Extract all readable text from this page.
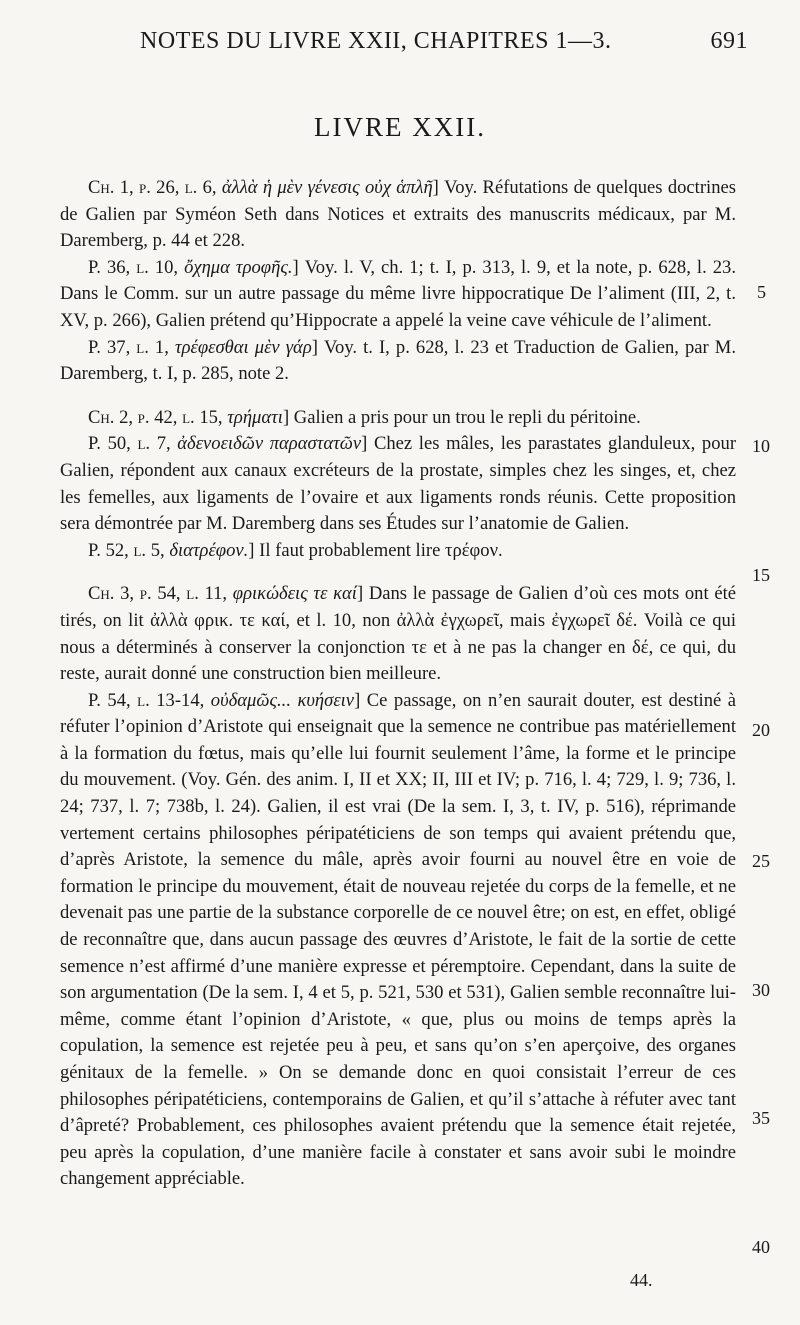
NOTES DU LIVRE XXII, CHAPITRES 1—3.	691
LIVRE XXII.

Ch. 1, p. 26, l. 6, ἀλλὰ ἡ μὲν γένεσις οὐχ ἁπλῆ] Voy. Réfutations de quelques doctrines de Galien par Syméon Seth dans Notices et extraits des manuscrits médicaux, par M. Daremberg, p. 44 et 228.

P. 36, l. 10, ὄχημα τροφῆς.] Voy. l. V, ch. 1; t. I, p. 313, l. 9, et la note, p. 628, l. 23. Dans le Comm. sur un autre passage du même livre hippocratique De l’aliment (III, 2, t. XV, p. 266), Galien prétend qu’Hippocrate a appelé la veine cave véhicule de l’aliment.

P. 37, l. 1, τρέφεσθαι μὲν γάρ] Voy. t. I, p. 628, l. 23 et Traduction de Galien, par M. Daremberg, t. I, p. 285, note 2.

Ch. 2, p. 42, l. 15, τρήματι] Galien a pris pour un trou le repli du péritoine.

P. 50, l. 7, ἀδενοειδῶν παραστατῶν] Chez les mâles, les parastates glanduleux, pour Galien, répondent aux canaux excréteurs de la prostate, simples chez les singes, et, chez les femelles, aux ligaments de l’ovaire et aux ligaments ronds réunis. Cette proposition sera démontrée par M. Daremberg dans ses Études sur l’anatomie de Galien.

P. 52, l. 5, διατρέφον.] Il faut probablement lire τρέφον.

Ch. 3, p. 54, l. 11, φρικώδεις τε καί] Dans le passage de Galien d’où ces mots ont été tirés, on lit ἀλλὰ φρικ. τε καί, et l. 10, non ἀλλὰ ἐγχωρεῖ, mais ἐγχωρεῖ δέ. Voilà ce qui nous a déterminés à conserver la conjonction τε et à ne pas la changer en δέ, ce qui, du reste, aurait donné une construction bien meilleure.

P. 54, l. 13-14, οὐδαμῶς... κυήσειν] Ce passage, on n’en saurait douter, est destiné à réfuter l’opinion d’Aristote qui enseignait que la semence ne contribue pas matériellement à la formation du fœtus, mais qu’elle lui fournit seulement l’âme, la forme et le principe du mouvement. (Voy. Gén. des anim. I, II et XX; II, III et IV; p. 716, l. 4; 729, l. 9; 736, l. 24; 737, l. 7; 738b, l. 24). Galien, il est vrai (De la sem. I, 3, t. IV, p. 516), réprimande vertement certains philosophes péripatéticiens de son temps qui avaient prétendu que, d’après Aristote, la semence du mâle, après avoir fourni au nouvel être en voie de formation le principe du mouvement, était de nouveau rejetée du corps de la femelle, et ne devenait pas une partie de la substance corporelle de ce nouvel être; on est, en effet, obligé de reconnaître que, dans aucun passage des œuvres d’Aristote, le fait de la sortie de cette semence n’est affirmé d’une manière expresse et péremptoire. Cependant, dans la suite de son argumentation (De la sem. I, 4 et 5, p. 521, 530 et 531), Galien semble reconnaître lui-même, comme étant l’opinion d’Aristote, « que, plus ou moins de temps après la copulation, la semence est rejetée peu à peu, et sans qu’on s’en aperçoive, des organes génitaux de la femelle. » On se demande donc en quoi consistait l’erreur de ces philosophes péripatéticiens, contemporains de Galien, et qu’il s’attache à réfuter avec tant d’âpreté? Probablement, ces philosophes avaient prétendu que la semence était rejetée, peu après la copulation, d’une manière facile à constater et sans avoir subi le moindre changement appréciable.

5
10
15
20
25
30
35
40
44.
